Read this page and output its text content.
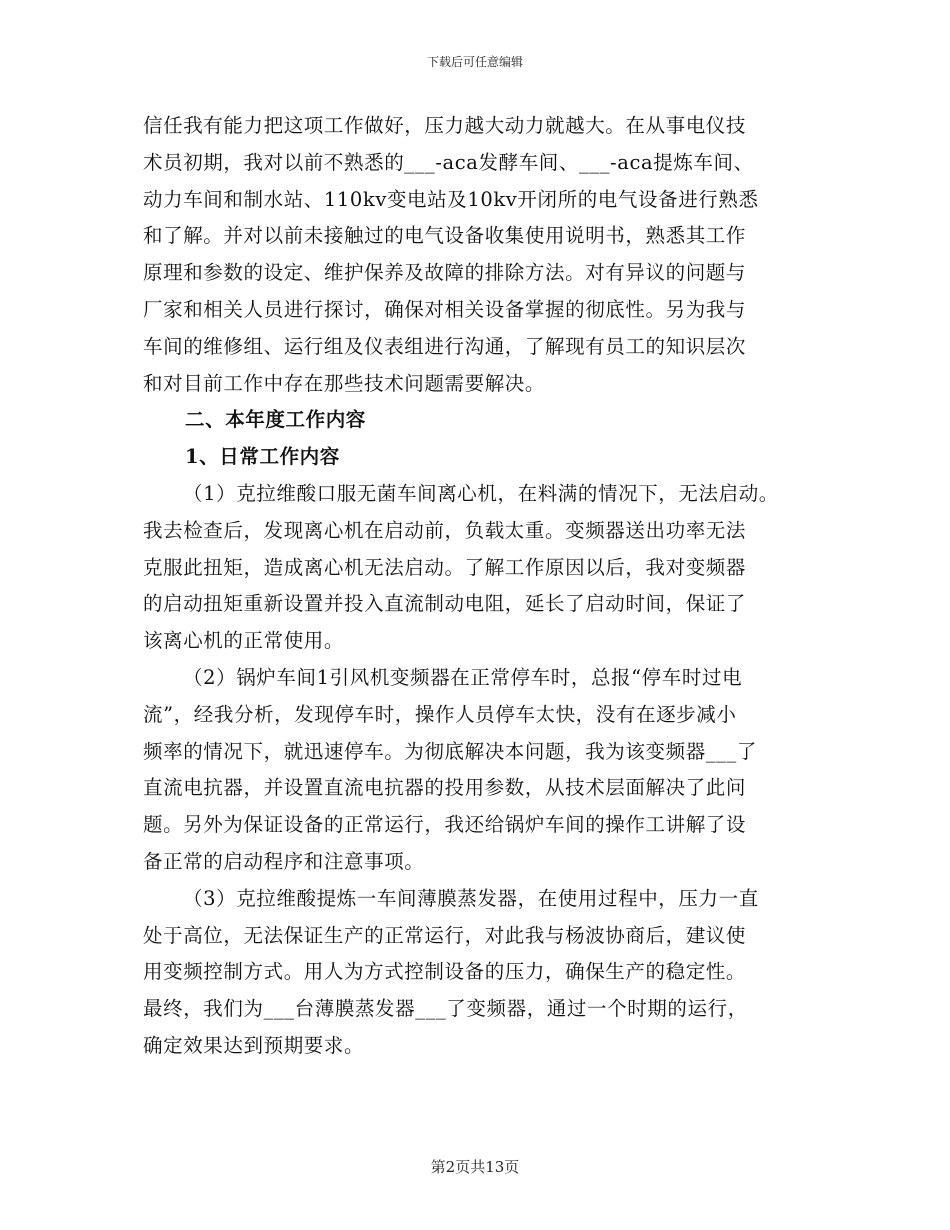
下载后可任意编辑
信任我有能力把这项工作做好，压力越大动力就越大。在从事电仪技
术员初期，我对以前不熟悉的___-aca发酵车间、___-aca提炼车间、
动力车间和制水站、110kv变电站及10kv开闭所的电气设备进行熟悉
和了解。并对以前未接触过的电气设备收集使用说明书，熟悉其工作
原理和参数的设定、维护保养及故障的排除方法。对有异议的问题与
厂家和相关人员进行探讨，确保对相关设备掌握的彻底性。另为我与
车间的维修组、运行组及仪表组进行沟通，了解现有员工的知识层次
和对目前工作中存在那些技术问题需要解决。
二、本年度工作内容
1、日常工作内容
（1）克拉维酸口服无菌车间离心机，在料满的情况下，无法启动。
我去检查后，发现离心机在启动前，负载太重。变频器送出功率无法
克服此扭矩，造成离心机无法启动。了解工作原因以后，我对变频器
的启动扭矩重新设置并投入直流制动电阻，延长了启动时间，保证了
该离心机的正常使用。
（2）锅炉车间1引风机变频器在正常停车时，总报“停车时过电
流”，经我分析，发现停车时，操作人员停车太快，没有在逐步减小
频率的情况下，就迅速停车。为彻底解决本问题，我为该变频器___了
直流电抗器，并设置直流电抗器的投用参数，从技术层面解决了此问
题。另外为保证设备的正常运行，我还给锅炉车间的操作工讲解了设
备正常的启动程序和注意事项。
（3）克拉维酸提炼一车间薄膜蒸发器，在使用过程中，压力一直
处于高位，无法保证生产的正常运行，对此我与杨波协商后，建议使
用变频控制方式。用人为方式控制设备的压力，确保生产的稳定性。
最终，我们为___台薄膜蒸发器___了变频器，通过一个时期的运行，
确定效果达到预期要求。
第2页共13页
